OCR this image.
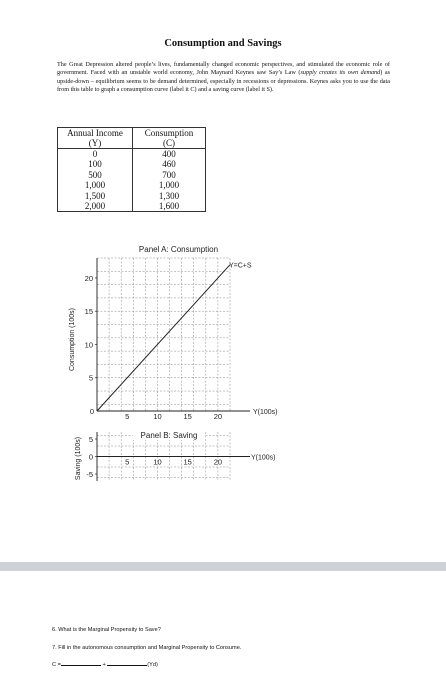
Consumption and Savings
The Great Depression altered people’s lives, fundamentally changed economic perspectives, and stimulated the economic role of government. Faced with an unstable world economy, John Maynard Keynes saw Say’s Law (supply creates its own demand) as upside-down – equilibrium seems to be demand determined, especially in recessions or depressions. Keynes asks you to use the data from this table to graph a consumption curve (label it C) and a saving curve (label it S).
Annual Income	Consumption
(Y)	(C)
0	400
100	460
500	700
1,000	1,000
1,500	1,300
2,000	1,600
Panel A: Consumption
5
10
15
20
5	10	15	20
0
Consumption (100s)
Y(100s)
Y=C+S
Panel B: Saving
5
0
-5
5	10	15	20
Saving (100s)	Y(100s)
6. What is the Marginal Propensity to Save?
7. Fill in the autonomous consumption and Marginal Propensity to Consume.
C =	+	(Yd)
